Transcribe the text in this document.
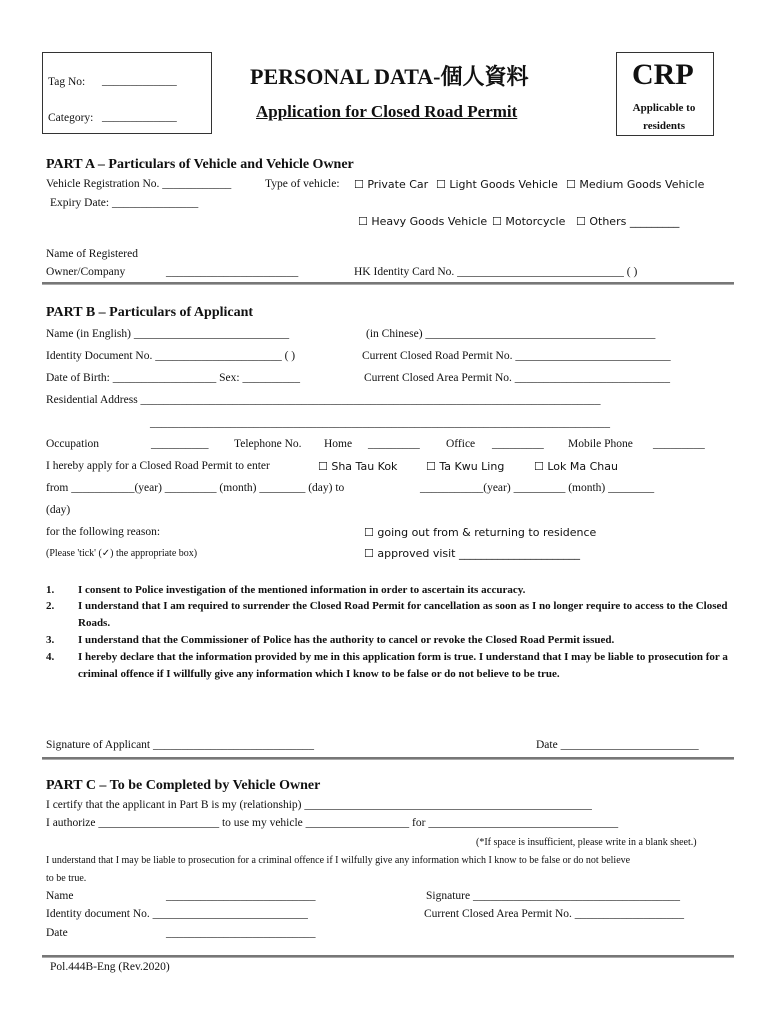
Tag No: _____________
Category: _____________
PERSONAL DATA-個人資料
Application for Closed Road Permit
CRP
Applicable to
residents
PART A – Particulars of Vehicle and Vehicle Owner
Vehicle Registration No. ____________	Type of vehicle: ☐ Private Car ☐ Light Goods Vehicle ☐ Medium Goods Vehicle
Expiry Date: _______________
☐ Heavy Goods Vehicle ☐ Motorcycle ☐ Others _________
Name of Registered
Owner/Company	_______________________	HK Identity Card No. _____________________________ ( )
PART B – Particulars of Applicant
Name (in English) ___________________________	(in Chinese) ________________________________________
Identity Document No. ______________________ ( )	Current Closed Road Permit No. ___________________________
Date of Birth: __________________ Sex: __________	Current Closed Area Permit No. ___________________________
Residential Address ________________________________________________________________________________
________________________________________________________________________________
Occupation	__________ Telephone No. Home _________ Office _________ Mobile Phone _________
I hereby apply for a Closed Road Permit to enter	☐ Sha Tau Kok	☐ Ta Kwu Ling	☐ Lok Ma Chau
from ___________(year) _________ (month) ________ (day) to	___________(year) _________ (month) ________
(day)
for the following reason:	☐ going out from & returning to residence
(Please 'tick' (✓) the appropriate box)	☐ approved visit ______________________
1. I consent to Police investigation of the mentioned information in order to ascertain its accuracy.
2. I understand that I am required to surrender the Closed Road Permit for cancellation as soon as I no longer require to access to the Closed Roads.
3. I understand that the Commissioner of Police has the authority to cancel or revoke the Closed Road Permit issued.
4. I hereby declare that the information provided by me in this application form is true. I understand that I may be liable to prosecution for a criminal offence if I willfully give any information which I know to be false or do not believe to be true.
Signature of Applicant ____________________________	Date ________________________
PART C – To be Completed by Vehicle Owner
I certify that the applicant in Part B is my (relationship) __________________________________________________
I authorize _____________________ to use my vehicle __________________ for _________________________________
(*If space is insufficient, please write in a blank sheet.)
I understand that I may be liable to prosecution for a criminal offence if I wilfully give any information which I know to be false or do not believe
to be true.
Name	__________________________	Signature ____________________________________
Identity document No. ___________________________	Current Closed Area Permit No. ___________________
Date	__________________________
Pol.444B-Eng (Rev.2020)
